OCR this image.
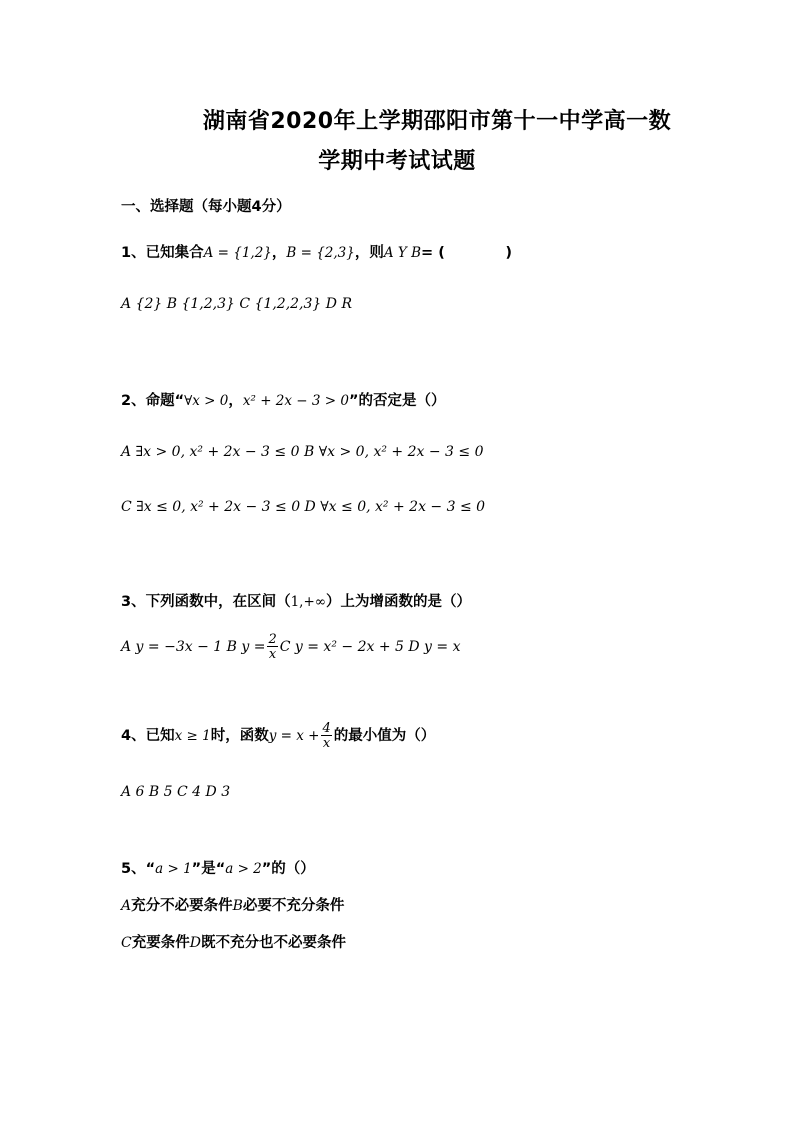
湖南省2020年上学期邵阳市第十一中学高一数
学期中考试试题
一、选择题（每小题4分）
1、已知集合A = {1,2}，B = {2,3}，则A Y B= (            )
A {2} B {1,2,3} C {1,2,2,3} D R
2、命题“∀x > 0，x² + 2x − 3 > 0”的否定是（）
A ∃x > 0, x² + 2x − 3 ≤ 0 B ∀x > 0, x² + 2x − 3 ≤ 0
C ∃x ≤ 0, x² + 2x − 3 ≤ 0 D ∀x ≤ 0, x² + 2x − 3 ≤ 0
3、下列函数中，在区间（1,+∞）上为增函数的是（）
A y = −3x − 1 B $y = \frac{2}{x}$ C y = x² − 2x + 5 D y = x
4、已知x ≥ 1时，函数$y = x + \frac{4}{x}$ 的最小值为（）
A 6 B 5 C 4 D 3
5、“a > 1”是“a > 2”的（）
A充分不必要条件B必要不充分条件
C充要条件D既不充分也不必要条件
